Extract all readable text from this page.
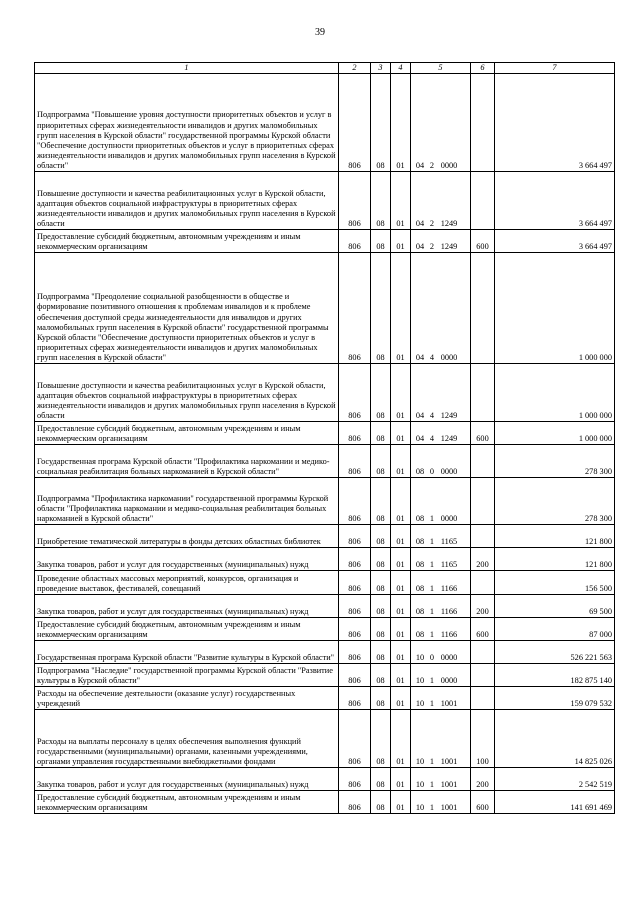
39
1	2	3	4	5	6	7
Подпрограмма "Повышение уровня доступности приоритетных объектов и услуг в приоритетных сферах жизнедеятельности инвалидов и других маломобильных групп населения в Курской области" государственной программы Курской области "Обеспечение доступности приоритетных объектов и услуг в приоритетных сферах жизнедеятельности инвалидов и других маломобильных групп населения в Курской области"	806	08	01	04 2 0000		3 664 497
Повышение доступности и качества реабилитационных услуг в Курской области, адаптация объектов социальной инфраструктуры в приоритетных сферах жизнедеятельности инвалидов и других маломобильных групп населения в Курской области	806	08	01	04 2 1249		3 664 497
Предоставление субсидий бюджетным, автономным учреждениям и иным некоммерческим организациям	806	08	01	04 2 1249	600	3 664 497
Подпрограмма "Преодоление социальной разобщенности в обществе и формирование позитивного отношения к проблемам инвалидов и к проблеме обеспечения доступной среды жизнедеятельности для инвалидов и других маломобильных групп населения в Курской области" государственной программы Курской области "Обеспечение доступности приоритетных объектов и услуг в приоритетных сферах жизнедеятельности инвалидов и других маломобильных групп населения в Курской области"	806	08	01	04 4 0000		1 000 000
Повышение доступности и качества реабилитационных услуг в Курской области, адаптация объектов социальной инфраструктуры в приоритетных сферах жизнедеятельности инвалидов и других маломобильных групп населения в Курской области	806	08	01	04 4 1249		1 000 000
Предоставление субсидий бюджетным, автономным учреждениям и иным некоммерческим организациям	806	08	01	04 4 1249	600	1 000 000
Государственная програма Курской области "Профилактика наркомании и медико-социальная реабилитация больных наркоманией в Курской области"	806	08	01	08 0 0000		278 300
Подпрограмма "Профилактика наркомании" государственной программы Курской области "Профилактика наркомании и медико-социальная реабилитация больных наркоманией в Курской области"	806	08	01	08 1 0000		278 300
Приобретение тематической литературы в фонды детских областных библиотек	806	08	01	08 1 1165		121 800
Закупка товаров, работ и услуг для государственных (муниципальных) нужд	806	08	01	08 1 1165	200	121 800
Проведение областных массовых мероприятий, конкурсов, организация и проведение выставок, фестивалей, совещаний	806	08	01	08 1 1166		156 500
Закупка товаров, работ и услуг для государственных (муниципальных) нужд	806	08	01	08 1 1166	200	69 500
Предоставление субсидий бюджетным, автономным учреждениям и иным некоммерческим организациям	806	08	01	08 1 1166	600	87 000
Государственная програма Курской области "Развитие культуры в Курской области"	806	08	01	10 0 0000		526 221 563
Подпрограмма "Наследие" государственной программы Курской области "Развитие культуры в Курской области"	806	08	01	10 1 0000		182 875 140
Расходы на обеспечение деятельности (оказание услуг) государственных учреждений	806	08	01	10 1 1001		159 079 532
Расходы на выплаты персоналу в целях обеспечения выполнения функций государственными (муниципальными) органами, казенными учреждениями, органами управления государственными внебюджетными фондами	806	08	01	10 1 1001	100	14 825 026
Закупка товаров, работ и услуг для государственных (муниципальных) нужд	806	08	01	10 1 1001	200	2 542 519
Предоставление субсидий бюджетным, автономным учреждениям и иным некоммерческим организациям	806	08	01	10 1 1001	600	141 691 469
